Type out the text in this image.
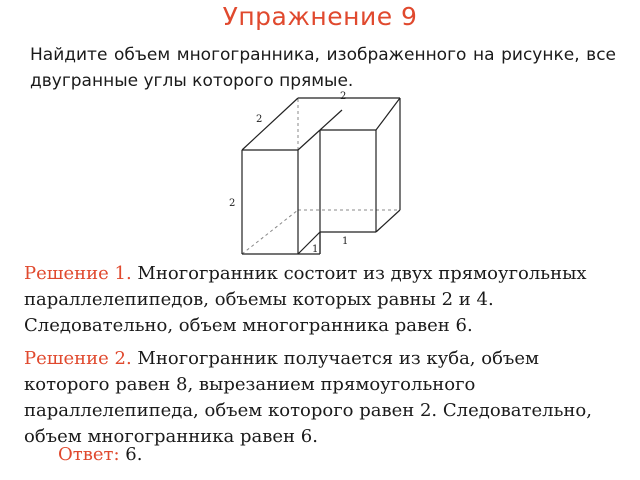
Упражнение 9
Найдите объем многогранника, изображенного на рисунке, все двугранные углы которого прямые.
2
2
2
1
1
Решение 1. Многогранник состоит из двух прямоугольных параллелепипедов, объемы которых равны 2 и 4. Следовательно, объем многогранника равен 6.
Решение 2. Многогранник получается из куба, объем которого равен 8, вырезанием прямоугольного параллелепипеда, объем которого равен 2. Следовательно, объем многогранника равен 6.
Ответ: 6.
